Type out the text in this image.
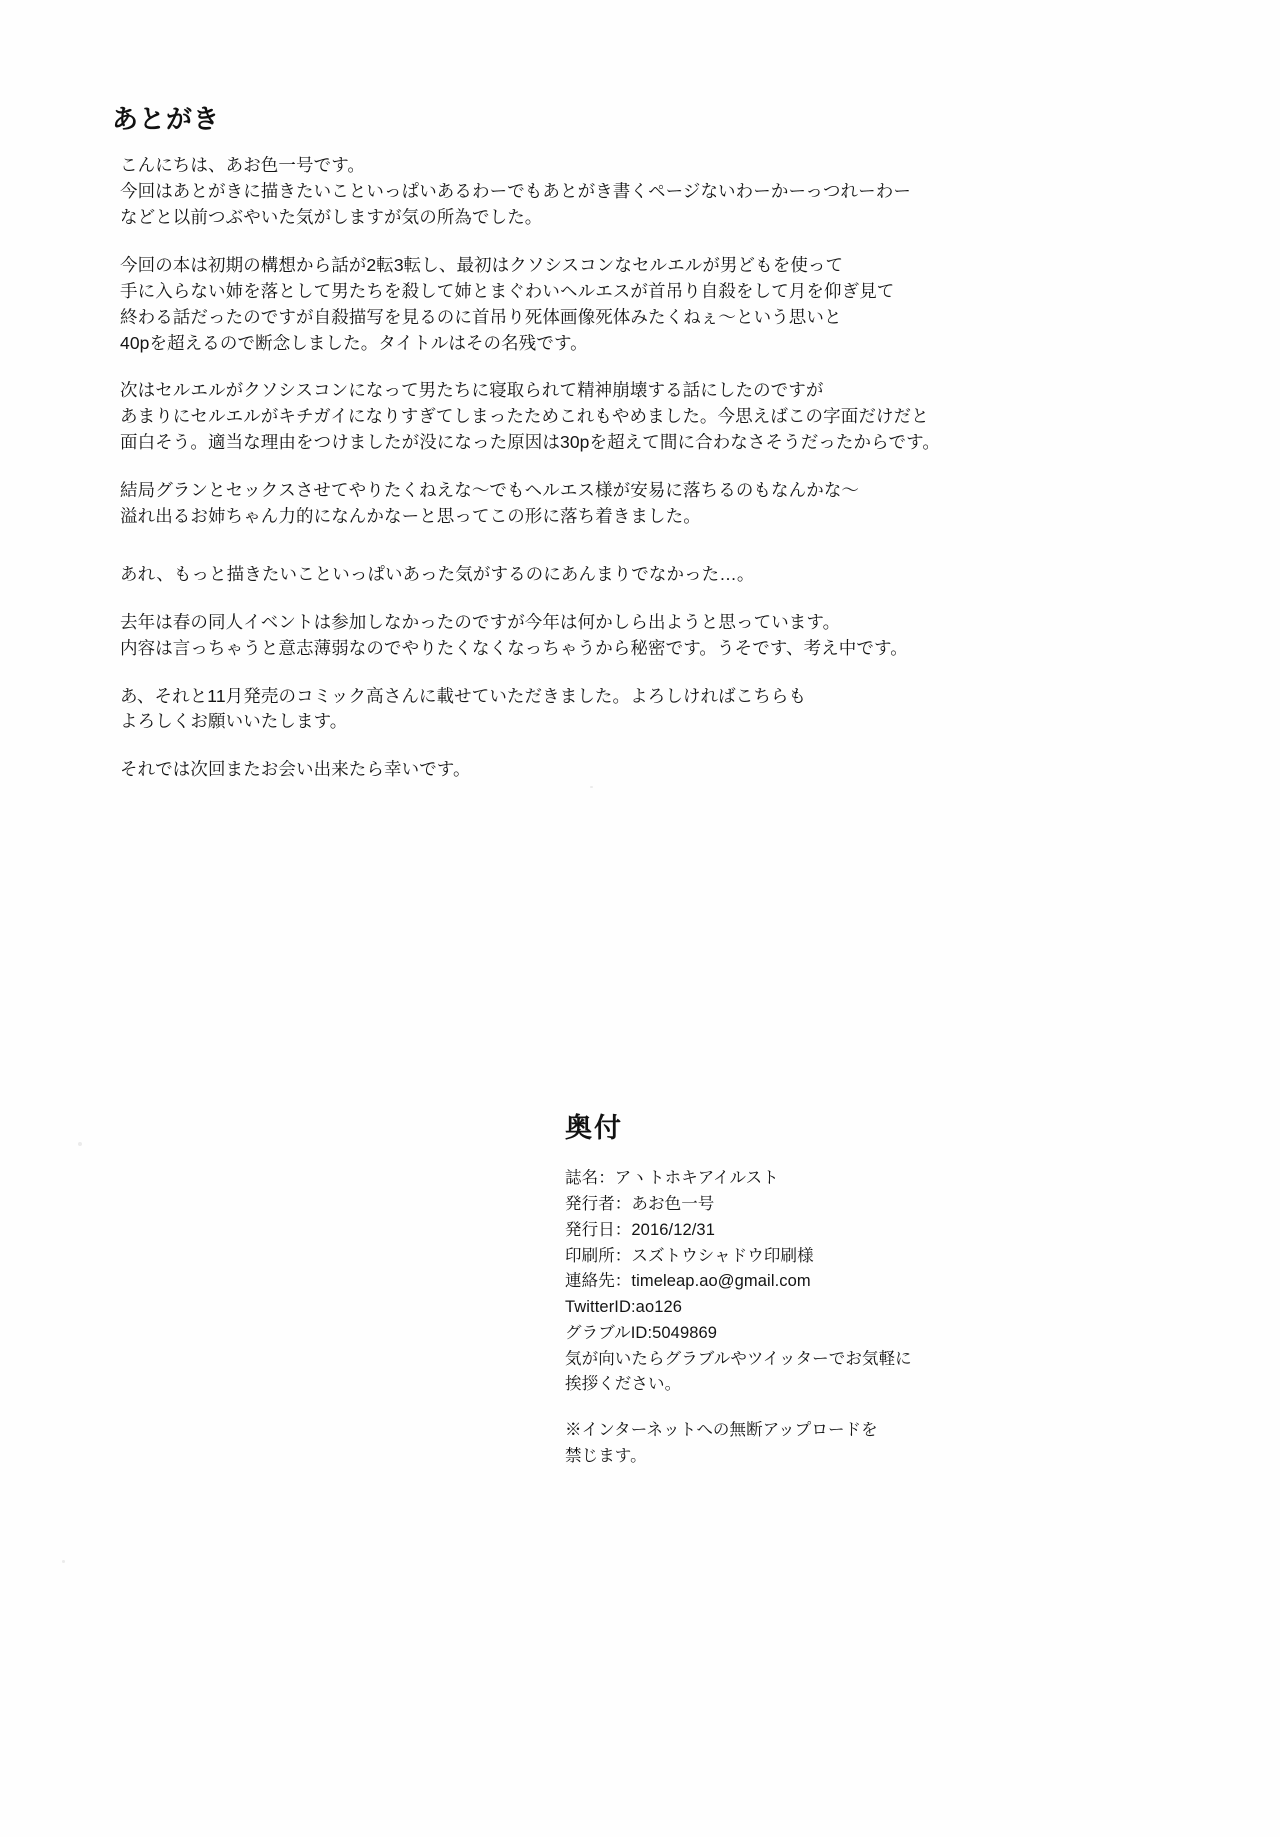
あとがき
こんにちは、あお色一号です。
今回はあとがきに描きたいこといっぱいあるわーでもあとがき書くページないわーかーっつれーわー
などと以前つぶやいた気がしますが気の所為でした。
今回の本は初期の構想から話が2転3転し、最初はクソシスコンなセルエルが男どもを使って
手に入らない姉を落として男たちを殺して姉とまぐわいヘルエスが首吊り自殺をして月を仰ぎ見て
終わる話だったのですが自殺描写を見るのに首吊り死体画像死体みたくねぇ～という思いと
40pを超えるので断念しました。タイトルはその名残です。
次はセルエルがクソシスコンになって男たちに寝取られて精神崩壊する話にしたのですが
あまりにセルエルがキチガイになりすぎてしまったためこれもやめました。今思えばこの字面だけだと
面白そう。適当な理由をつけましたが没になった原因は30pを超えて間に合わなさそうだったからです。
結局グランとセックスさせてやりたくねえな～でもヘルエス様が安易に落ちるのもなんかな～
溢れ出るお姉ちゃん力的になんかなーと思ってこの形に落ち着きました。
あれ、もっと描きたいこといっぱいあった気がするのにあんまりでなかった…。
去年は春の同人イベントは参加しなかったのですが今年は何かしら出ようと思っています。
内容は言っちゃうと意志薄弱なのでやりたくなくなっちゃうから秘密です。うそです、考え中です。
あ、それと11月発売のコミック高さんに載せていただきました。よろしければこちらも
よろしくお願いいたします。
それでは次回またお会い出来たら幸いです。
奥付
誌名：アヽトホキアイルスト
発行者：あお色一号
発行日：2016/12/31
印刷所：スズトウシャドウ印刷様
連絡先：timeleap.ao@gmail.com
TwitterID:ao126
グラブルID:5049869
気が向いたらグラブルやツイッターでお気軽に
挨拶ください。
※インターネットへの無断アップロードを
禁じます。
